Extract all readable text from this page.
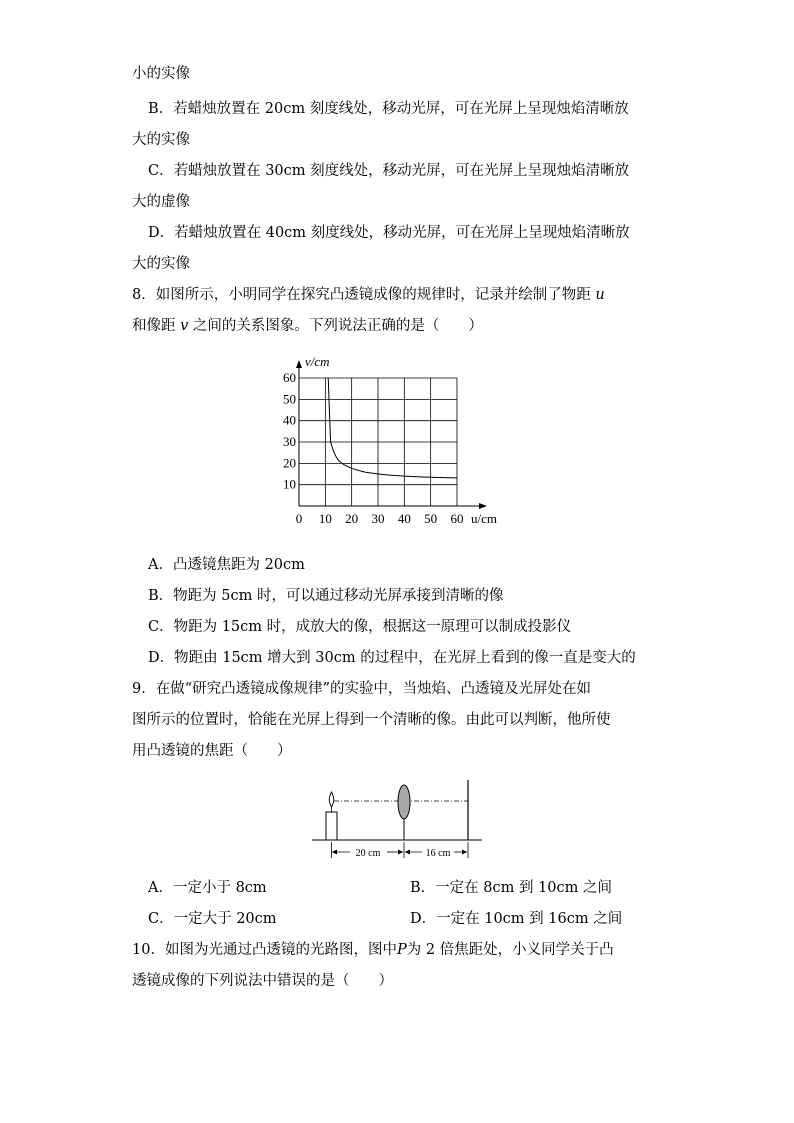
小的实像
B．若蜡烛放置在 20cm 刻度线处，移动光屏，可在光屏上呈现烛焰清晰放
大的实像
C．若蜡烛放置在 30cm 刻度线处，移动光屏，可在光屏上呈现烛焰清晰放
大的虚像
D．若蜡烛放置在 40cm 刻度线处，移动光屏，可在光屏上呈现烛焰清晰放
大的实像
8．如图所示，小明同学在探究凸透镜成像的规律时，记录并绘制了物距 u
和像距 v 之间的关系图象。下列说法正确的是（　　）
0 10 20 30 40 50 60
10
20
30
40
50
60
v/cm
u/cm
A．凸透镜焦距为 20cm
B．物距为 5cm 时，可以通过移动光屏承接到清晰的像
C．物距为 15cm 时，成放大的像，根据这一原理可以制成投影仪
D．物距由 15cm 增大到 30cm 的过程中，在光屏上看到的像一直是变大的
9．在做“研究凸透镜成像规律”的实验中，当烛焰、凸透镜及光屏处在如
图所示的位置时，恰能在光屏上得到一个清晰的像。由此可以判断，他所使
用凸透镜的焦距（　　）
20 cm	16 cm
A．一定小于 8cm	B．一定在 8cm 到 10cm 之间
C．一定大于 20cm	D．一定在 10cm 到 16cm 之间
10．如图为光通过凸透镜的光路图，图中P为 2 倍焦距处，小义同学关于凸
透镜成像的下列说法中错误的是（　　）
